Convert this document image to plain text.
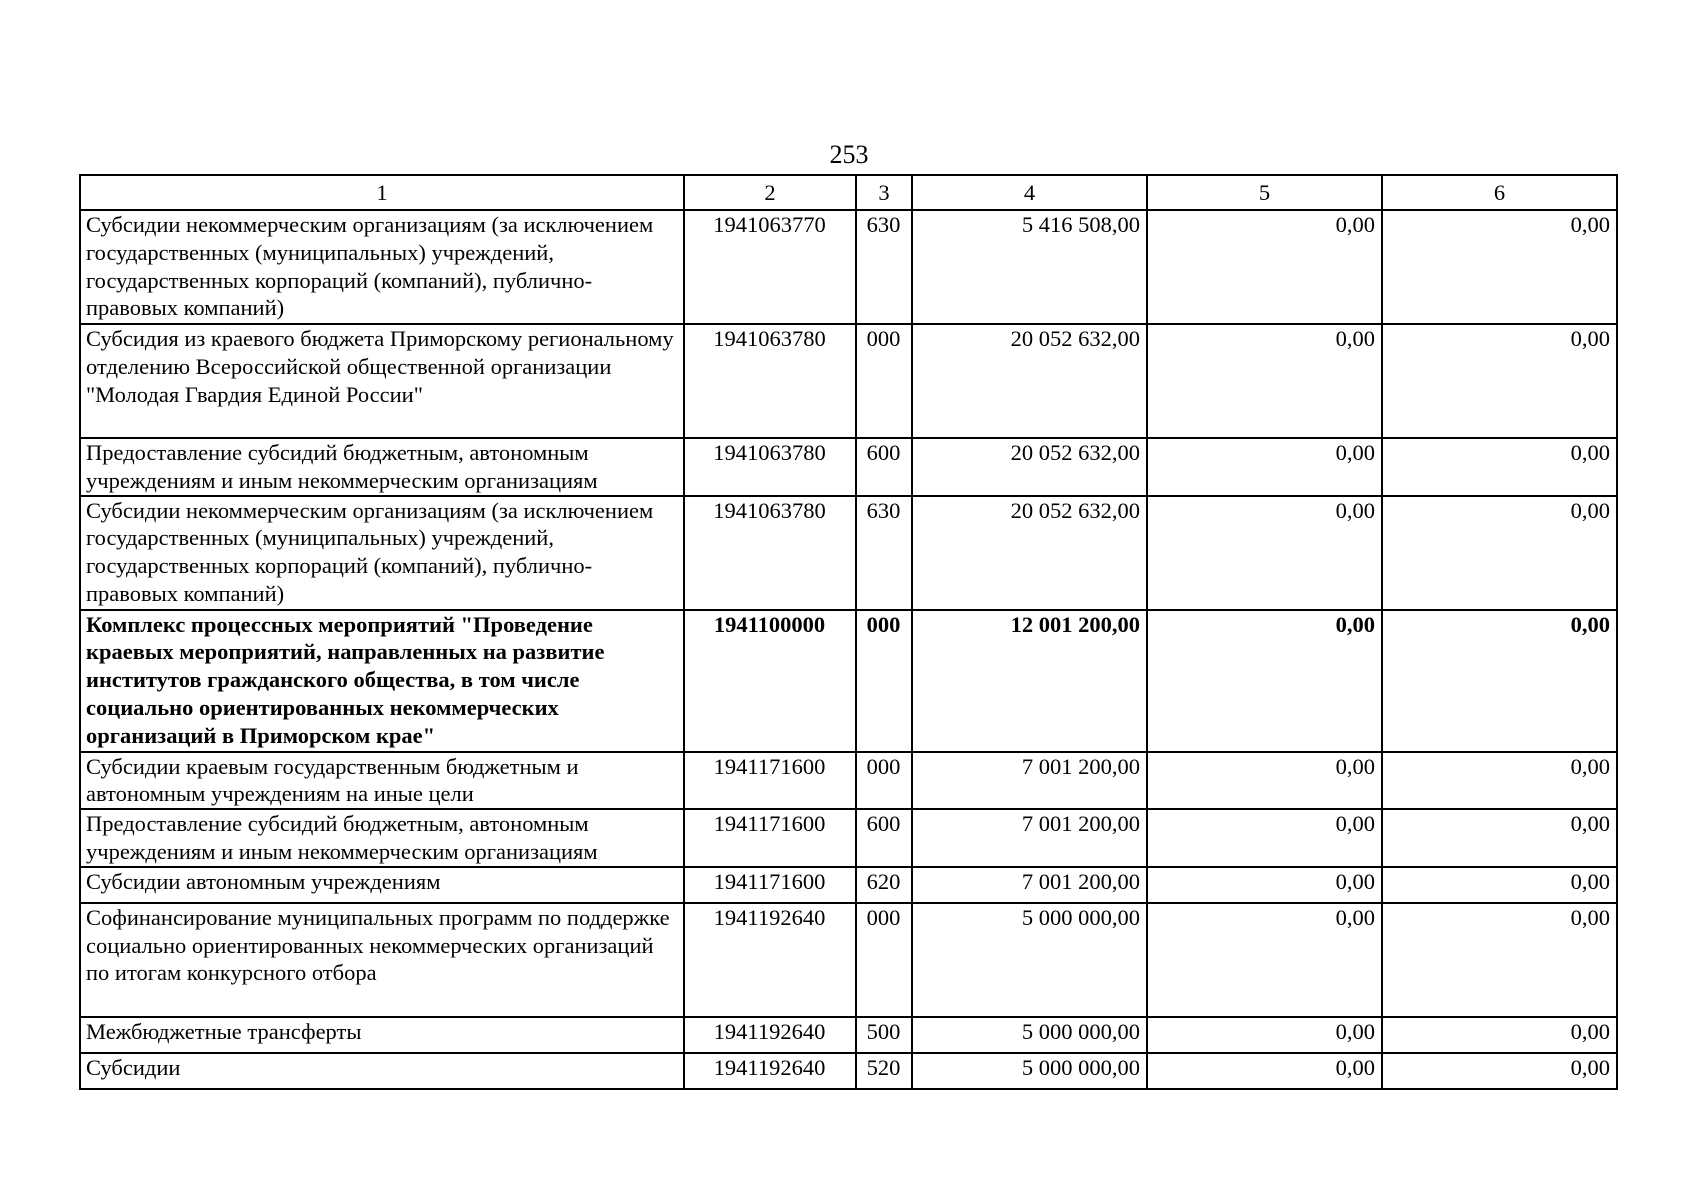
253
1	2	3	4	5	6
Субсидии некоммерческим организациям (за исключением государственных (муниципальных) учреждений, государственных корпораций (компаний), публично-правовых компаний)	1941063770	630	5 416 508,00	0,00	0,00
Субсидия из краевого бюджета Приморскому региональному отделению Всероссийской общественной организации "Молодая Гвардия Единой России"	1941063780	000	20 052 632,00	0,00	0,00
Предоставление субсидий бюджетным, автономным учреждениям и иным некоммерческим организациям	1941063780	600	20 052 632,00	0,00	0,00
Субсидии некоммерческим организациям (за исключением государственных (муниципальных) учреждений, государственных корпораций (компаний), публично-правовых компаний)	1941063780	630	20 052 632,00	0,00	0,00
Комплекс процессных мероприятий "Проведение краевых мероприятий, направленных на развитие институтов гражданского общества, в том числе социально ориентированных некоммерческих организаций в Приморском крае"	1941100000	000	12 001 200,00	0,00	0,00
Субсидии краевым государственным бюджетным и автономным учреждениям на иные цели	1941171600	000	7 001 200,00	0,00	0,00
Предоставление субсидий бюджетным, автономным учреждениям и иным некоммерческим организациям	1941171600	600	7 001 200,00	0,00	0,00
Субсидии автономным учреждениям	1941171600	620	7 001 200,00	0,00	0,00
Софинансирование муниципальных программ по поддержке социально ориентированных некоммерческих организаций по итогам конкурсного отбора	1941192640	000	5 000 000,00	0,00	0,00
Межбюджетные трансферты	1941192640	500	5 000 000,00	0,00	0,00
Субсидии	1941192640	520	5 000 000,00	0,00	0,00
